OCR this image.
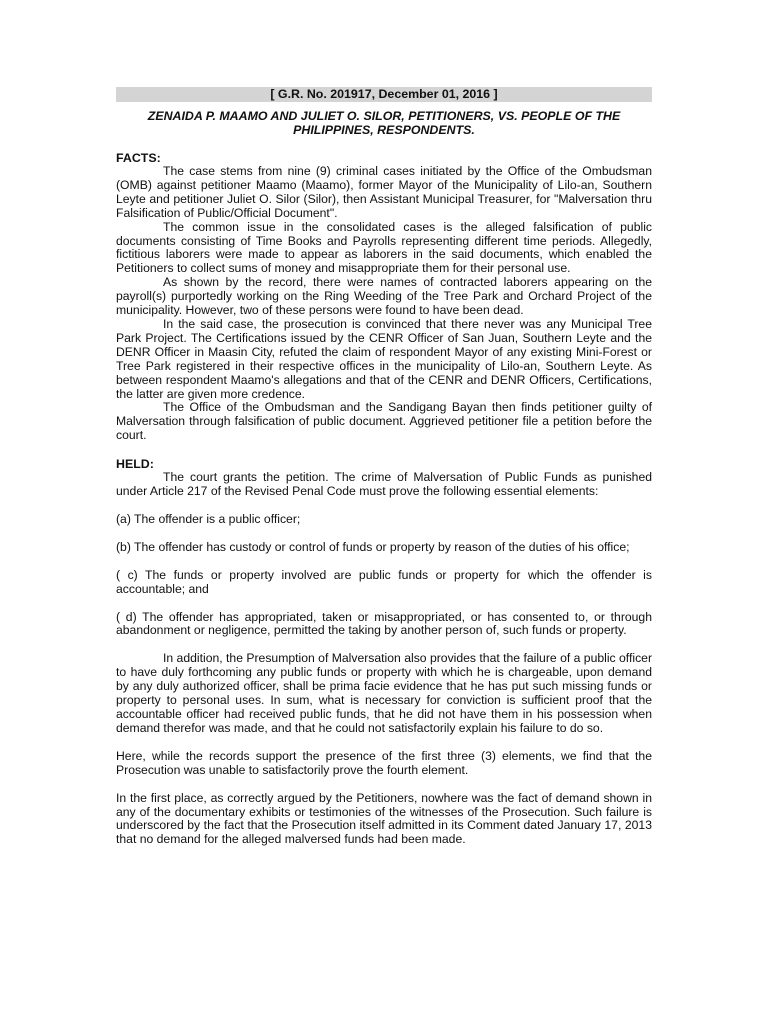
[ G.R. No. 201917, December 01, 2016 ]
ZENAIDA P. MAAMO AND JULIET O. SILOR, PETITIONERS, VS. PEOPLE OF THE PHILIPPINES, RESPONDENTS.
FACTS:

The case stems from nine (9) criminal cases initiated by the Office of the Ombudsman (OMB) against petitioner Maamo (Maamo), former Mayor of the Municipality of Lilo-an, Southern Leyte and petitioner Juliet O. Silor (Silor), then Assistant Municipal Treasurer, for "Malversation thru Falsification of Public/Official Document".

The common issue in the consolidated cases is the alleged falsification of public documents consisting of Time Books and Payrolls representing different time periods. Allegedly, fictitious laborers were made to appear as laborers in the said documents, which enabled the Petitioners to collect sums of money and misappropriate them for their personal use.

As shown by the record, there were names of contracted laborers appearing on the payroll(s) purportedly working on the Ring Weeding of the Tree Park and Orchard Project of the municipality. However, two of these persons were found to have been dead.

In the said case, the prosecution is convinced that there never was any Municipal Tree Park Project. The Certifications issued by the CENR Officer of San Juan, Southern Leyte and the DENR Officer in Maasin City, refuted the claim of respondent Mayor of any existing Mini-Forest or Tree Park registered in their respective offices in the municipality of Lilo-an, Southern Leyte. As between respondent Maamo's allegations and that of the CENR and DENR Officers, Certifications, the latter are given more credence.

The Office of the Ombudsman and the Sandigang Bayan then finds petitioner guilty of Malversation through falsification of public document. Aggrieved petitioner file a petition before the court.

HELD:

The court grants the petition. The crime of Malversation of Public Funds as punished under Article 217 of the Revised Penal Code must prove the following essential elements:

(a) The offender is a public officer;

(b) The offender has custody or control of funds or property by reason of the duties of his office;

( c) The funds or property involved are public funds or property for which the offender is accountable; and

( d) The offender has appropriated, taken or misappropriated, or has consented to, or through abandonment or negligence, permitted the taking by another person of, such funds or property.

In addition, the Presumption of Malversation also provides that the failure of a public officer to have duly forthcoming any public funds or property with which he is chargeable, upon demand by any duly authorized officer, shall be prima facie evidence that he has put such missing funds or property to personal uses. In sum, what is necessary for conviction is sufficient proof that the accountable officer had received public funds, that he did not have them in his possession when demand therefor was made, and that he could not satisfactorily explain his failure to do so.

Here, while the records support the presence of the first three (3) elements, we find that the Prosecution was unable to satisfactorily prove the fourth element.

In the first place, as correctly argued by the Petitioners, nowhere was the fact of demand shown in any of the documentary exhibits or testimonies of the witnesses of the Prosecution. Such failure is underscored by the fact that the Prosecution itself admitted in its Comment dated January 17, 2013 that no demand for the alleged malversed funds had been made.
